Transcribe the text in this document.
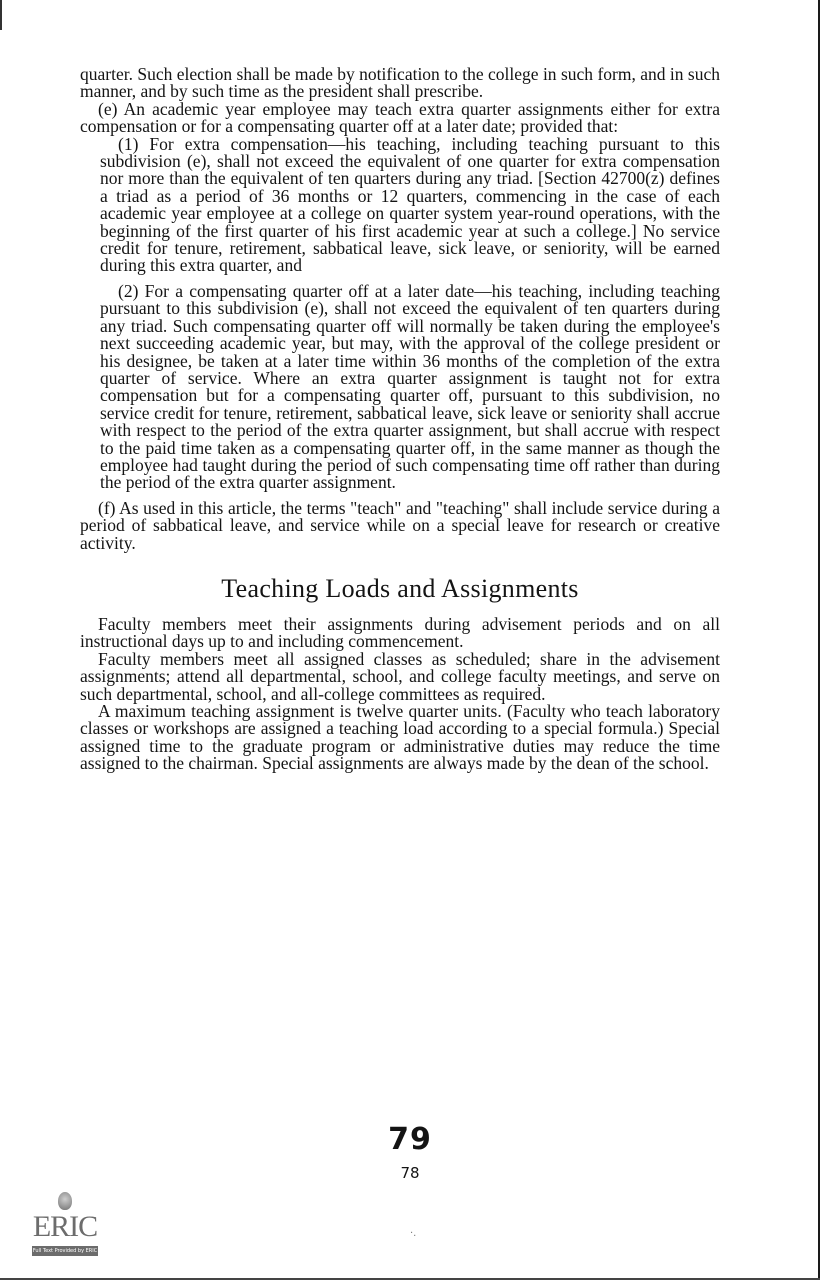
quarter. Such election shall be made by notification to the college in such form, and in such manner, and by such time as the president shall prescribe.

(e) An academic year employee may teach extra quarter assignments either for extra compensation or for a compensating quarter off at a later date; provided that:

(1) For extra compensation—his teaching, including teaching pursuant to this subdivision (e), shall not exceed the equivalent of one quarter for extra compensation nor more than the equivalent of ten quarters during any triad. [Section 42700(z) defines a triad as a period of 36 months or 12 quarters, commencing in the case of each academic year employee at a college on quarter system year-round operations, with the beginning of the first quarter of his first academic year at such a college.] No service credit for tenure, retirement, sabbatical leave, sick leave, or seniority, will be earned during this extra quarter, and

(2) For a compensating quarter off at a later date—his teaching, including teaching pursuant to this subdivision (e), shall not exceed the equivalent of ten quarters during any triad. Such compensating quarter off will normally be taken during the employee's next succeeding academic year, but may, with the approval of the college president or his designee, be taken at a later time within 36 months of the completion of the extra quarter of service. Where an extra quarter assignment is taught not for extra compensation but for a compensating quarter off, pursuant to this subdivision, no service credit for tenure, retirement, sabbatical leave, sick leave or seniority shall accrue with respect to the period of the extra quarter assignment, but shall accrue with respect to the paid time taken as a compensating quarter off, in the same manner as though the employee had taught during the period of such compensating time off rather than during the period of the extra quarter assignment.

(f) As used in this article, the terms "teach" and "teaching" shall include service during a period of sabbatical leave, and service while on a special leave for research or creative activity.

Teaching Loads and Assignments

Faculty members meet their assignments during advisement periods and on all instructional days up to and including commencement.

Faculty members meet all assigned classes as scheduled; share in the advisement assignments; attend all departmental, school, and college faculty meetings, and serve on such departmental, school, and all-college committees as required.

A maximum teaching assignment is twelve quarter units. (Faculty who teach laboratory classes or workshops are assigned a teaching load according to a special formula.) Special assigned time to the graduate program or administrative duties may reduce the time assigned to the chairman. Special assignments are always made by the dean of the school.

79
78
·.
ERIC
Full Text Provided by ERIC
